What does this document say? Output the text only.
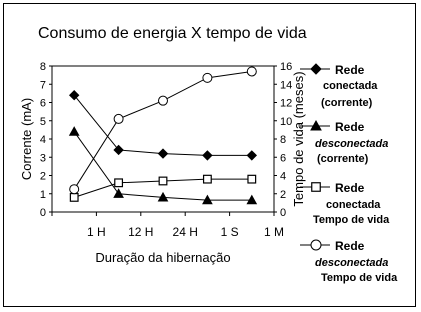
Consumo de energia X tempo de vida
0
1
2
3
4
5
6
7
8
0
2
4
6
8
10
12
14
16
1 H 12 H 24 H 1 S 1 M
Corrente (mA)	Tempo de vida (meses)
Duração da hibernação
Rede
conectada
(corrente)
Rede
desconectada
(corrente)
Rede
conectada
Tempo de vida
Rede
desconectada
Tempo de vida
